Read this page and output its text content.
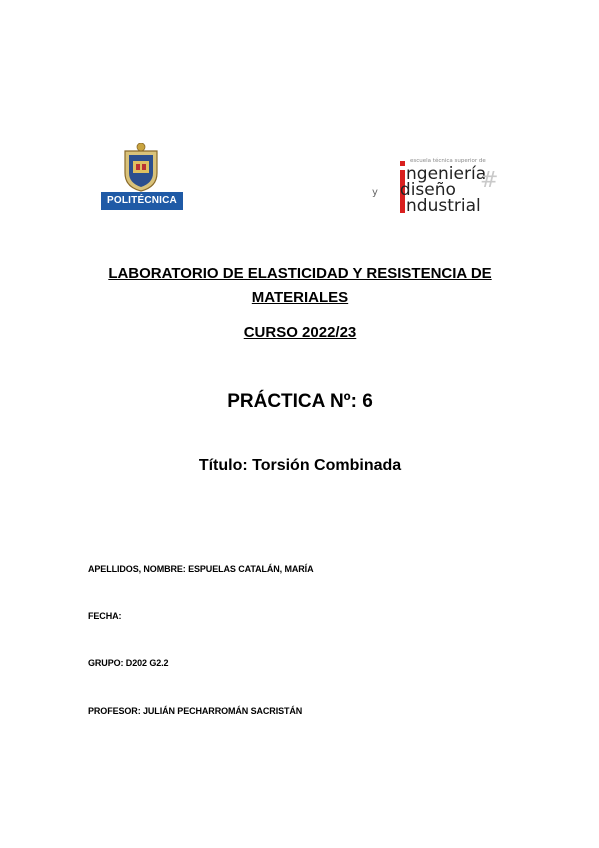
POLITÉCNICA
escuela técnica superior de
ngeniería
y diseño
ndustrial
#
LABORATORIO DE ELASTICIDAD Y RESISTENCIA DE
MATERIALES
CURSO 2022/23
PRÁCTICA Nº: 6
Título: Torsión Combinada
APELLIDOS, NOMBRE: ESPUELAS CATALÁN, MARÍA
FECHA:
GRUPO: D202 G2.2
PROFESOR: JULIÁN PECHARROMÁN SACRISTÁN
